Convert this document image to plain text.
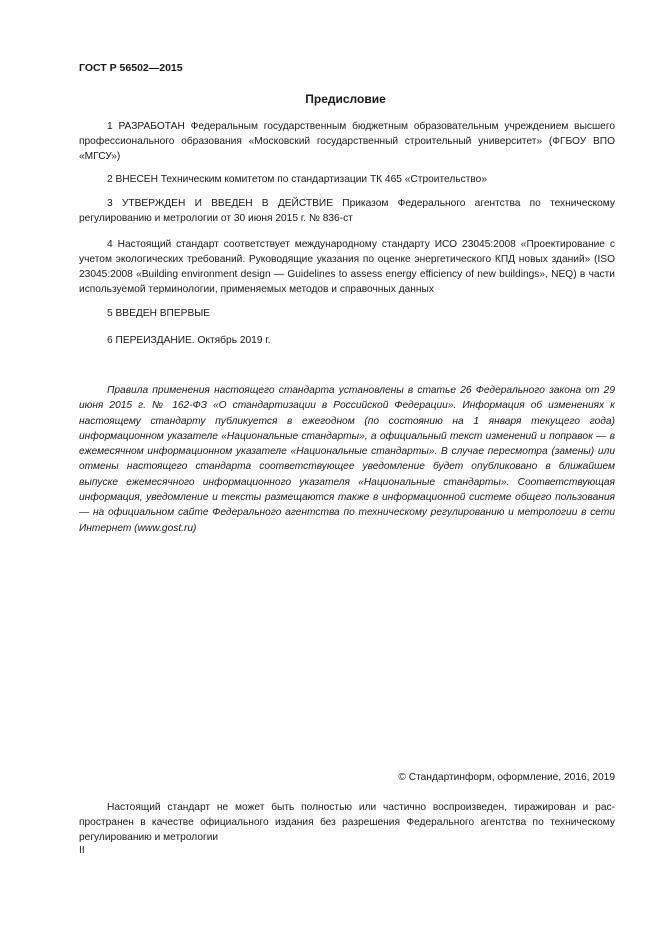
ГОСТ Р 56502—2015
Предисловие

1 РАЗРАБОТАН Федеральным государственным бюджетным образовательным учреждением высшего профессионального образования «Московский государственный строительный университет» (ФГБОУ ВПО «МГСУ»)

2 ВНЕСЕН Техническим комитетом по стандартизации ТК 465 «Строительство»

3 УТВЕРЖДЕН И ВВЕДЕН В ДЕЙСТВИЕ Приказом Федерального агентства по техническому регулированию и метрологии от 30 июня 2015 г. № 836-ст

4 Настоящий стандарт соответствует международному стандарту ИСО 23045:2008 «Проектирование с учетом экологических требований. Руководящие указания по оценке энергетического КПД новых зданий» (ISO 23045:2008 «Building environment design — Guidelines to assess energy efficiency of new buildings», NEQ) в части используемой терминологии, применяемых методов и справочных данных

5 ВВЕДЕН ВПЕРВЫЕ

6 ПЕРЕИЗДАНИЕ. Октябрь 2019 г.

Правила применения настоящего стандарта установлены в статье 26 Федерального закона от 29 июня 2015 г. № 162-ФЗ «О стандартизации в Российской Федерации». Информация об изменениях к настоящему стандарту публикуется в ежегодном (по состоянию на 1 января текущего года) информационном указателе «Национальные стандарты», а официальный текст изменений и поправок — в ежемесячном информационном указателе «Национальные стандарты». В случае пересмотра (замены) или отмены настоящего стандарта соответствующее уведомление будет опубликовано в ближайшем выпуске ежемесячного информационного указателя «Национальные стандарты». Соответствующая информация, уведомление и тексты размещаются также в информационной системе общего пользования — на официальном сайте Федерального агентства по техническому регулированию и метрологии в сети Интернет (www.gost.ru)

© Стандартинформ, оформление, 2016, 2019

Настоящий стандарт не может быть полностью или частично воспроизведен, тиражирован и распространен в качестве официального издания без разрешения Федерального агентства по техническому регулированию и метрологии

II
